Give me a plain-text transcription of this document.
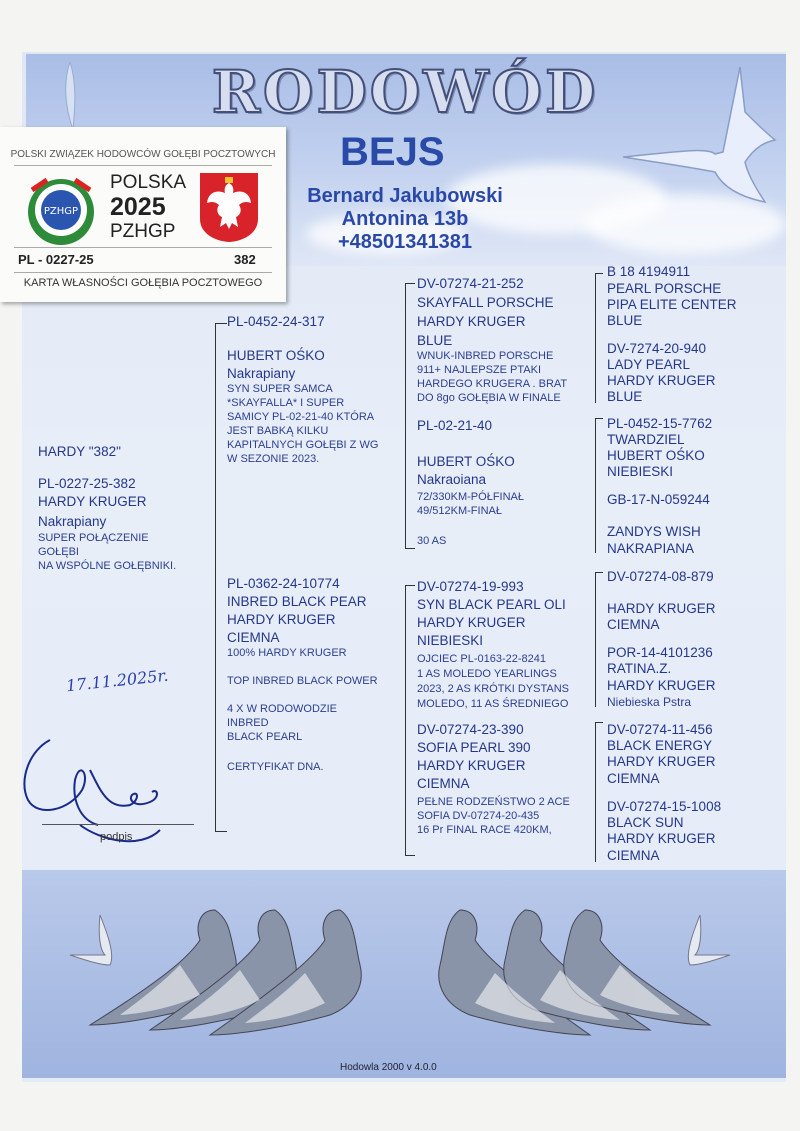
RODOWÓD
BEJS
Bernard Jakubowski
Antonina 13b
+48501341381
POLSKI ZWIĄZEK HODOWCÓW GOŁĘBI POCZTOWYCH
PZHGP
POLSKA
2025
PZHGP
PL - 0227-25	382
KARTA WŁASNOŚCI GOŁĘBIA POCZTOWEGO
HARDY "382"
PL-0227-25-382
HARDY KRUGER
Nakrapiany
SUPER POŁĄCZENIE
GOŁĘBI
NA WSPÓLNE GOŁĘBNIKI.
PL-0452-24-317
HUBERT OŚKO
Nakrapiany
SYN SUPER SAMCA
*SKAYFALLA* I SUPER
SAMICY PL-02-21-40 KTÓRA
JEST BABKĄ KILKU
KAPITALNYCH GOŁĘBI Z WG
W SEZONIE 2023.
PL-0362-24-10774
INBRED BLACK PEAR
HARDY KRUGER
CIEMNA
100% HARDY KRUGER
TOP INBRED BLACK POWER
4 X W RODOWODZIE
INBRED
BLACK PEARL
CERTYFIKAT DNA.
DV-07274-21-252
SKAYFALL PORSCHE
HARDY KRUGER
BLUE
WNUK-INBRED PORSCHE
911+ NAJLEPSZE PTAKI
HARDEGO KRUGERA . BRAT
DO 8go GOŁĘBIA W FINALE
PL-02-21-40
HUBERT OŚKO
Nakraoiana
72/330KM-PÓŁFINAŁ
49/512KM-FINAŁ
30 AS
DV-07274-19-993
SYN BLACK PEARL OLI
HARDY KRUGER
NIEBIESKI
OJCIEC PL-0163-22-8241
1 AS MOLEDO YEARLINGS
2023, 2 AS KRÓTKI DYSTANS
MOLEDO, 11 AS ŚREDNIEGO
DV-07274-23-390
SOFIA PEARL 390
HARDY KRUGER
CIEMNA
PEŁNE RODZEŃSTWO 2 ACE
SOFIA DV-07274-20-435
16 Pr FINAL RACE 420KM,
B 18 4194911
PEARL PORSCHE
PIPA ELITE CENTER
BLUE
DV-7274-20-940
LADY PEARL
HARDY KRUGER
BLUE
PL-0452-15-7762
TWARDZIEL
HUBERT OŚKO
NIEBIESKI
GB-17-N-059244
ZANDYS WISH
NAKRAPIANA
DV-07274-08-879
HARDY KRUGER
CIEMNA
POR-14-4101236
RATINA.Z.
HARDY KRUGER
Niebieska Pstra
DV-07274-11-456
BLACK ENERGY
HARDY KRUGER
CIEMNA
DV-07274-15-1008
BLACK SUN
HARDY KRUGER
CIEMNA
17.11.2025r.
podpis
Hodowla 2000 v 4.0.0
